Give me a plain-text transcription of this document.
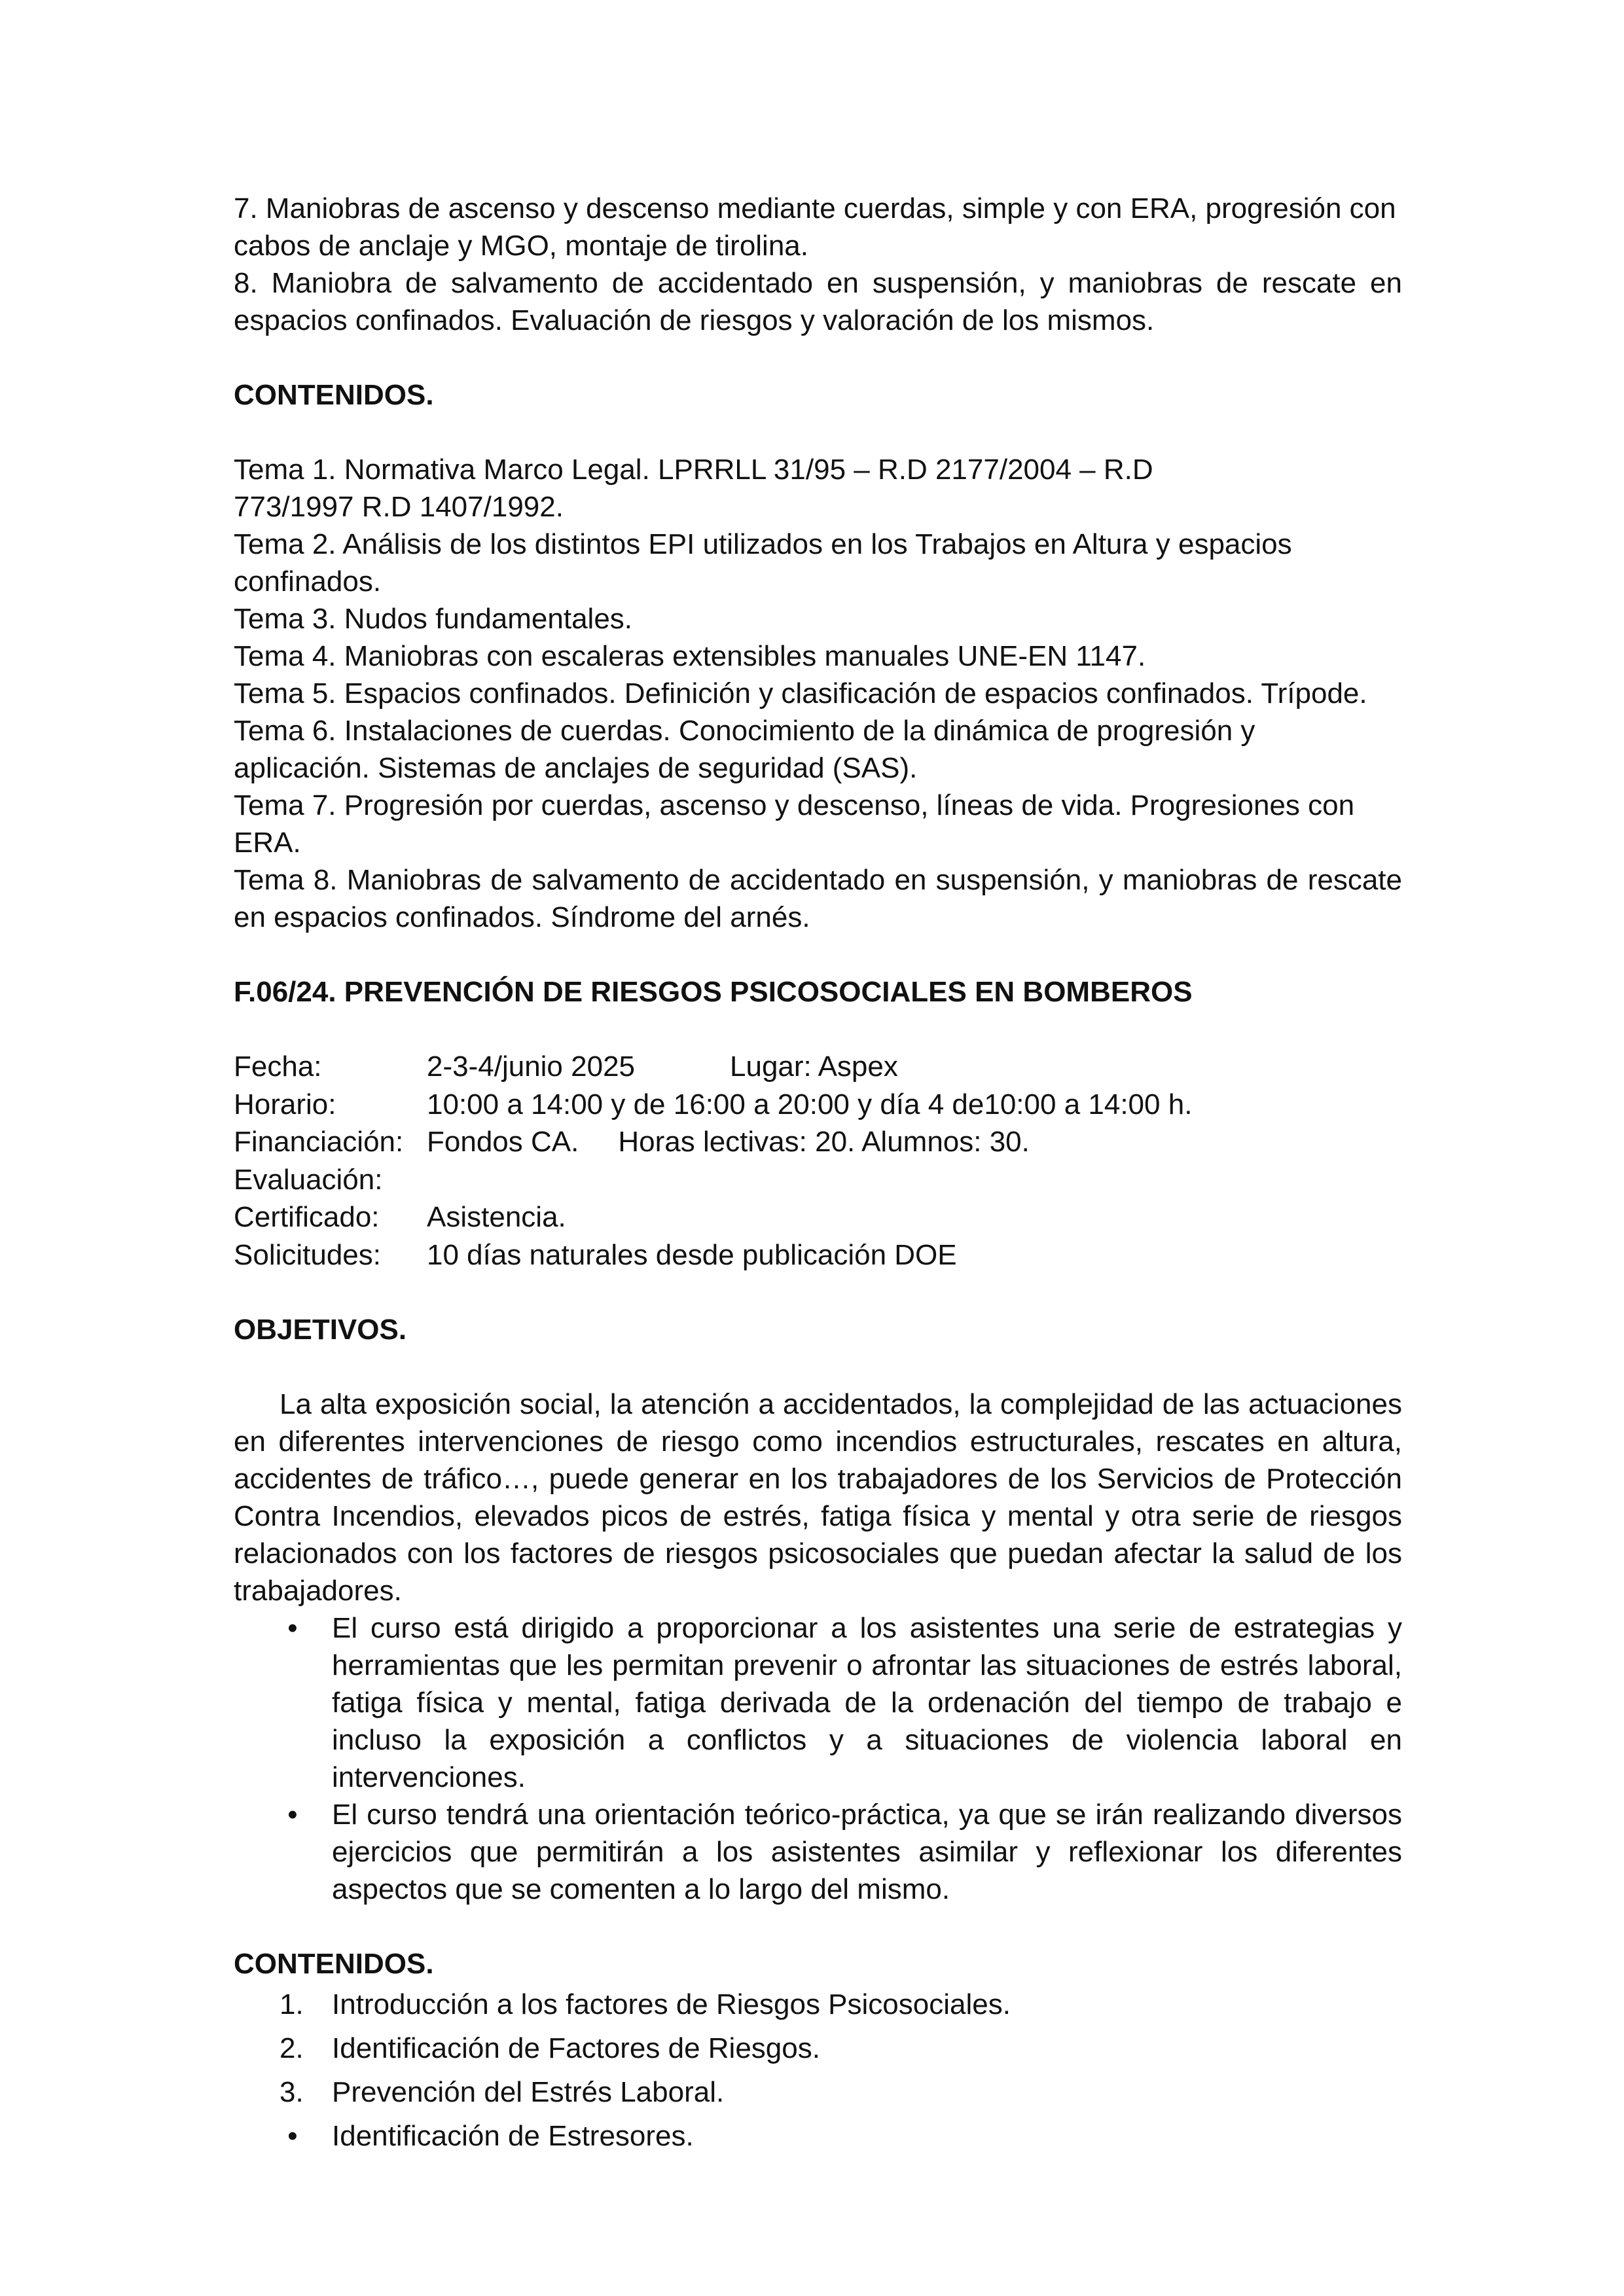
7. Maniobras de ascenso y descenso mediante cuerdas, simple y con ERA, progresión con cabos de anclaje y MGO, montaje de tirolina.

8. Maniobra de salvamento de accidentado en suspensión, y maniobras de rescate en espacios confinados. Evaluación de riesgos y valoración de los mismos.

CONTENIDOS.

Tema 1. Normativa Marco Legal. LPRRLL 31/95 – R.D 2177/2004 – R.D 773/1997 R.D 1407/1992.

Tema 2. Análisis de los distintos EPI utilizados en los Trabajos en Altura y espacios confinados.

Tema 3. Nudos fundamentales.

Tema 4. Maniobras con escaleras extensibles manuales UNE-EN 1147.

Tema 5. Espacios confinados. Definición y clasificación de espacios confinados. Trípode.

Tema 6. Instalaciones de cuerdas. Conocimiento de la dinámica de progresión y aplicación. Sistemas de anclajes de seguridad (SAS).

Tema 7. Progresión por cuerdas, ascenso y descenso, líneas de vida. Progresiones con ERA.

Tema 8. Maniobras de salvamento de accidentado en suspensión, y maniobras de rescate en espacios confinados. Síndrome del arnés.

F.06/24. PREVENCIÓN DE RIESGOS PSICOSOCIALES EN BOMBEROS

Fecha:	2-3-4/junio 2025	Lugar: Aspex
Horario:	10:00 a 14:00 y de 16:00 a 20:00 y día 4 de10:00 a 14:00 h.
Financiación: Fondos CA. Horas lectivas: 20. Alumnos: 30.
Evaluación:
Certificado:	Asistencia.
Solicitudes:	10 días naturales desde publicación DOE

OBJETIVOS.

La alta exposición social, la atención a accidentados, la complejidad de las actuaciones en diferentes intervenciones de riesgo como incendios estructurales, rescates en altura, accidentes de tráfico…, puede generar en los trabajadores de los Servicios de Protección Contra Incendios, elevados picos de estrés, fatiga física y mental y otra serie de riesgos relacionados con los factores de riesgos psicosociales que puedan afectar la salud de los trabajadores.

• El curso está dirigido a proporcionar a los asistentes una serie de estrategias y herramientas que les permitan prevenir o afrontar las situaciones de estrés laboral, fatiga física y mental, fatiga derivada de la ordenación del tiempo de trabajo e incluso la exposición a conflictos y a situaciones de violencia laboral en intervenciones.
• El curso tendrá una orientación teórico-práctica, ya que se irán realizando diversos ejercicios que permitirán a los asistentes asimilar y reflexionar los diferentes aspectos que se comenten a lo largo del mismo.

CONTENIDOS.

1. Introducción a los factores de Riesgos Psicosociales.
2. Identificación de Factores de Riesgos.
3. Prevención del Estrés Laboral.
• Identificación de Estresores.
